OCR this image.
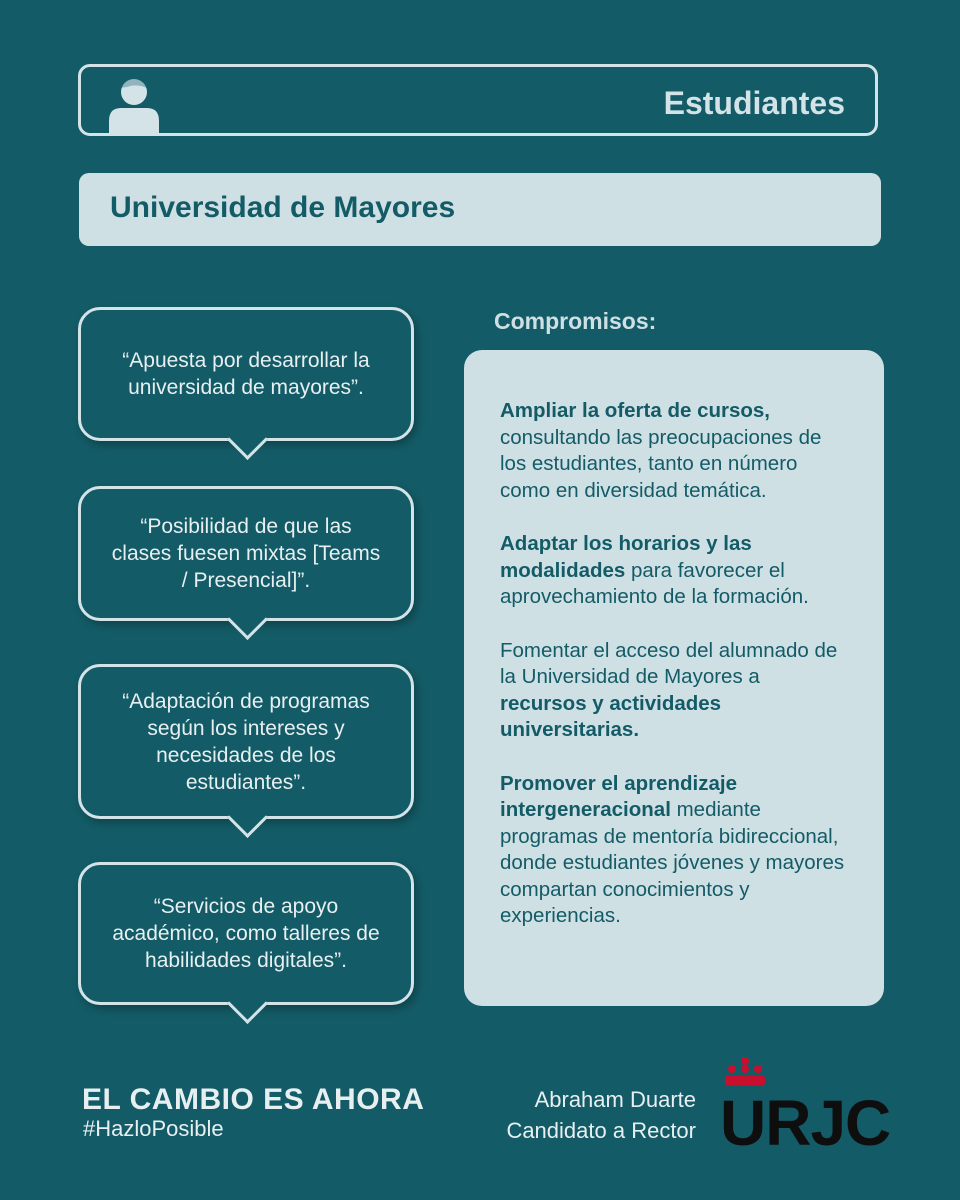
Estudiantes
Universidad de Mayores
“Apuesta por desarrollar la universidad de mayores”.
“Posibilidad de que las clases fuesen mixtas [Teams / Presencial]”.
“Adaptación de programas según los intereses y necesidades de los estudiantes”.
“Servicios de apoyo académico, como talleres de habilidades digitales”.
Compromisos:
Ampliar la oferta de cursos, consultando las preocupaciones de los estudiantes, tanto en número como en diversidad temática.
Adaptar los horarios y las modalidades para favorecer el aprovechamiento de la formación.
Fomentar el acceso del alumnado de la Universidad de Mayores a recursos y actividades universitarias.
Promover el aprendizaje intergeneracional mediante programas de mentoría bidireccional, donde estudiantes jóvenes y mayores compartan conocimientos y experiencias.
EL CAMBIO ES AHORA
#HazloPosible
Abraham Duarte
Candidato a Rector URJC
